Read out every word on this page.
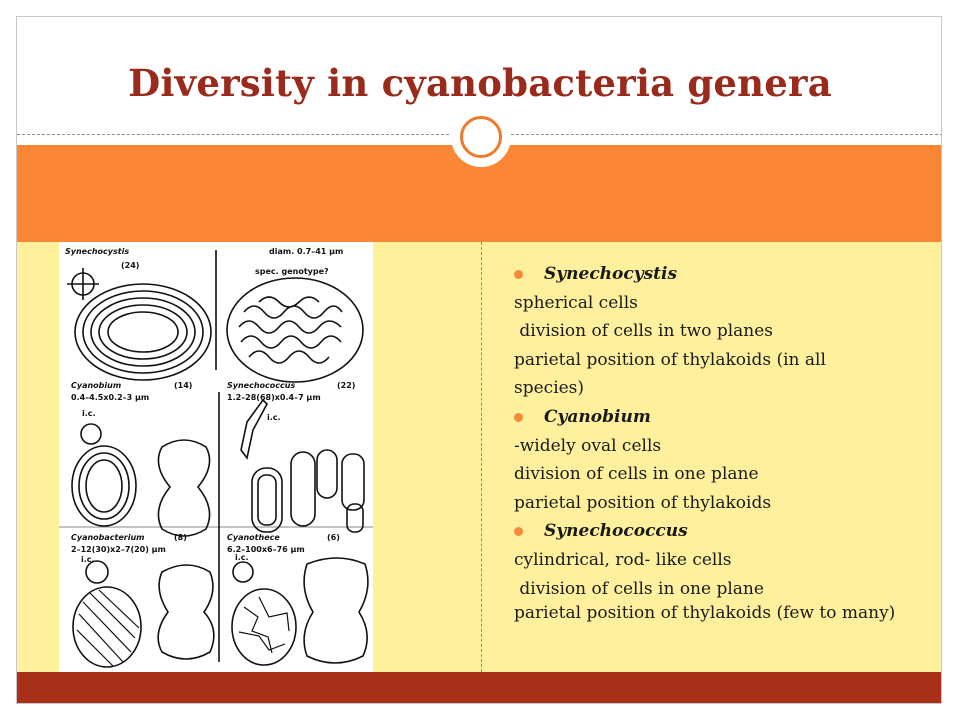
Diversity in cyanobacteria genera
Synechocystis
(24)
diam. 0.7–41 μm
spec. genotype?
Cyanobium	(14)
0.4–4.5x0.2–3 μm
Synechococcus	(22)
1.2–28(68)x0.4–7 μm
Cyanobacterium	(8)
2–12(30)x2–7(20) μm
Cyanothece	(6)
6.2–100x6–76 μm
i.c.	i.c.
i.c.	i.c.
Synechocystis
spherical cells
division of cells in two planes
parietal position of thylakoids (in all
species)
Cyanobium
-widely oval cells
division of cells in one plane
parietal position of thylakoids
Synechococcus
cylindrical, rod- like cells
division of cells in one plane
parietal position of thylakoids (few to many)
